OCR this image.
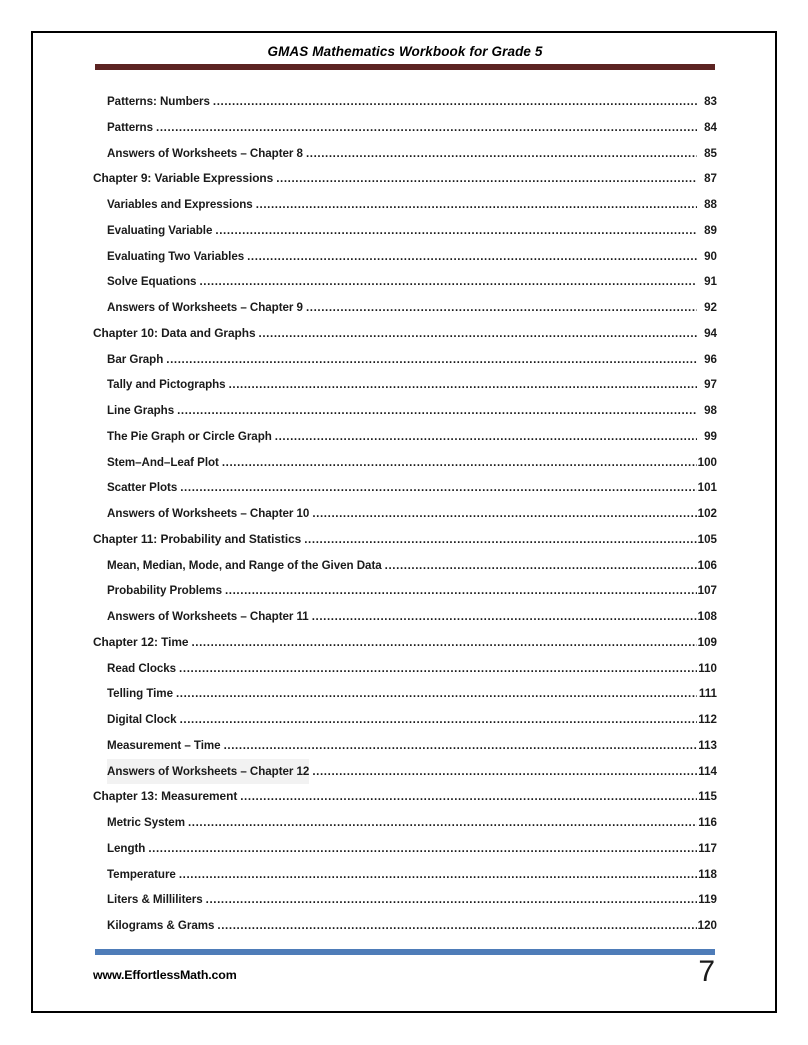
GMAS Mathematics Workbook for Grade 5
Patterns: Numbers .....	83
Patterns .....	84
Answers of Worksheets – Chapter 8 .....	85
Chapter 9: Variable Expressions .....	87
Variables and Expressions .....	88
Evaluating Variable .....	89
Evaluating Two Variables .....	90
Solve Equations .....	91
Answers of Worksheets – Chapter 9 .....	92
Chapter 10: Data and Graphs .....	94
Bar Graph .....	96
Tally and Pictographs .....	97
Line Graphs .....	98
The Pie Graph or Circle Graph .....	99
Stem–And–Leaf Plot .....	100
Scatter Plots .....	101
Answers of Worksheets – Chapter 10 .....	102
Chapter 11: Probability and Statistics .....	105
Mean, Median, Mode, and Range of the Given Data .....	106
Probability Problems .....	107
Answers of Worksheets – Chapter 11 .....	108
Chapter 12: Time .....	109
Read Clocks .....	110
Telling Time .....	111
Digital Clock .....	112
Measurement – Time .....	113
Answers of Worksheets – Chapter 12 .....	114
Chapter 13: Measurement .....	115
Metric System .....	116
Length .....	117
Temperature .....	118
Liters & Milliliters .....	119
Kilograms & Grams .....	120
www.EffortlessMath.com	7
